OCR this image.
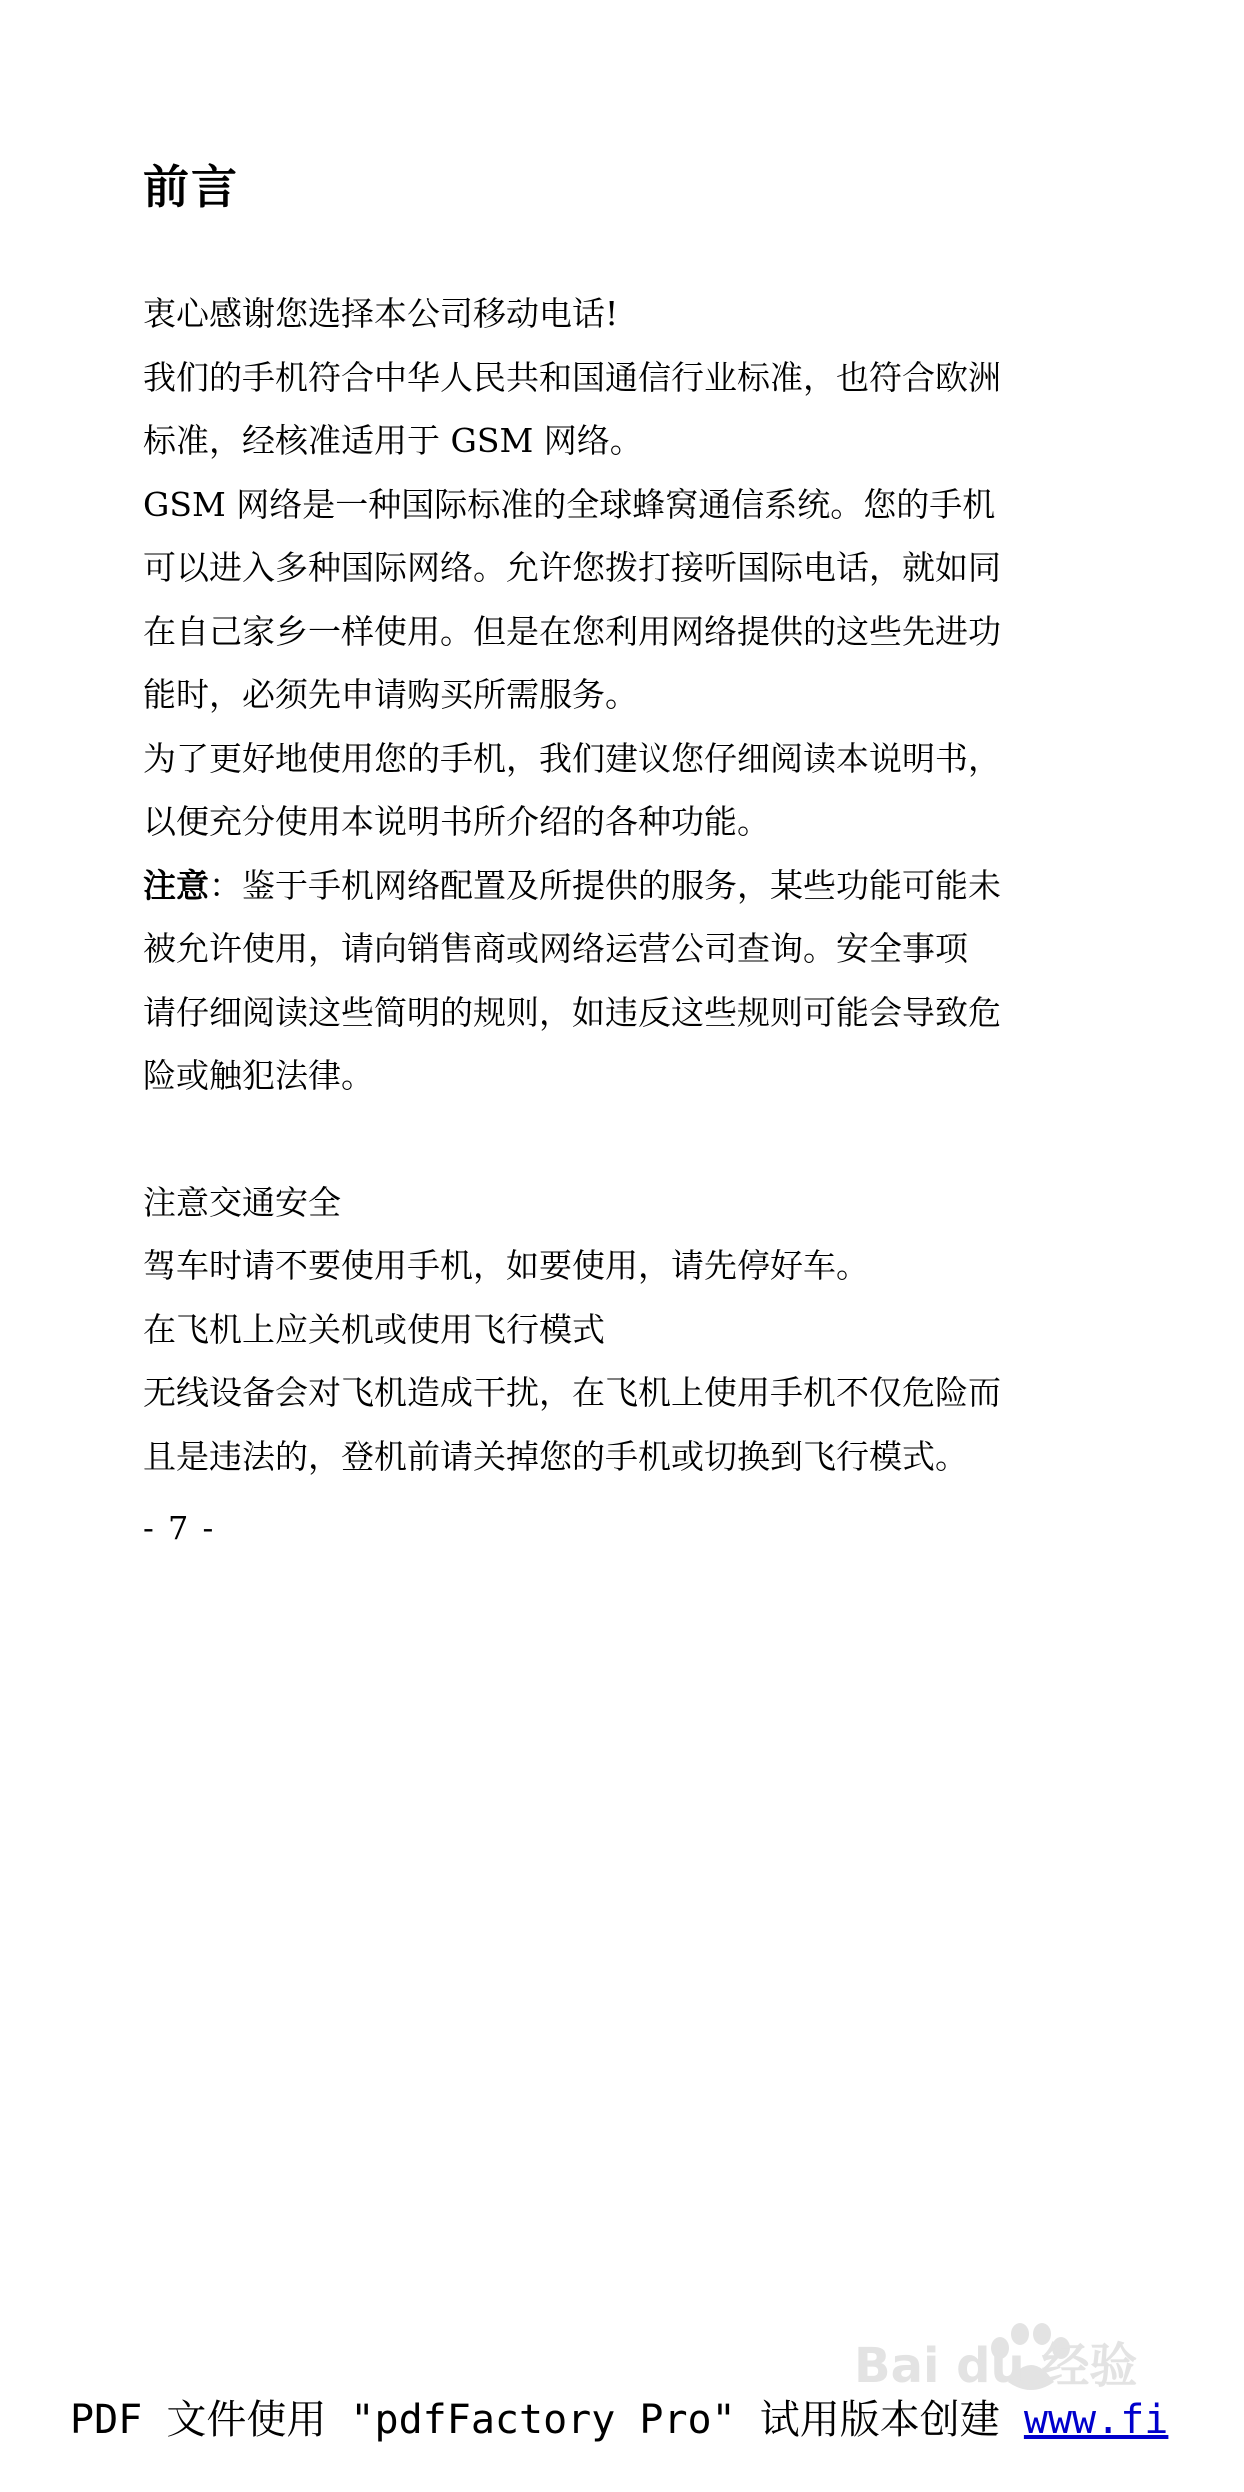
前言

衷心感谢您选择本公司移动电话!

我们的手机符合中华人民共和国通信行业标准，也符合欧洲
标准，经核准适用于 GSM 网络。

GSM 网络是一种国际标准的全球蜂窝通信系统。您的手机
可以进入多种国际网络。允许您拨打接听国际电话，就如同
在自己家乡一样使用。但是在您利用网络提供的这些先进功
能时，必须先申请购买所需服务。

为了更好地使用您的手机，我们建议您仔细阅读本说明书，
以便充分使用本说明书所介绍的各种功能。

注意：鉴于手机网络配置及所提供的服务，某些功能可能未
被允许使用，请向销售商或网络运营公司查询。安全事项
请仔细阅读这些简明的规则，如违反这些规则可能会导致危
险或触犯法律。

注意交通安全

驾车时请不要使用手机，如要使用，请先停好车。

在飞机上应关机或使用飞行模式

无线设备会对飞机造成干扰，在飞机上使用手机不仅危险而
且是违法的，登机前请关掉您的手机或切换到飞行模式。

- 7 -
Bai du 经验
PDF 文件使用 "pdfFactory Pro" 试用版本创建 www.fi
